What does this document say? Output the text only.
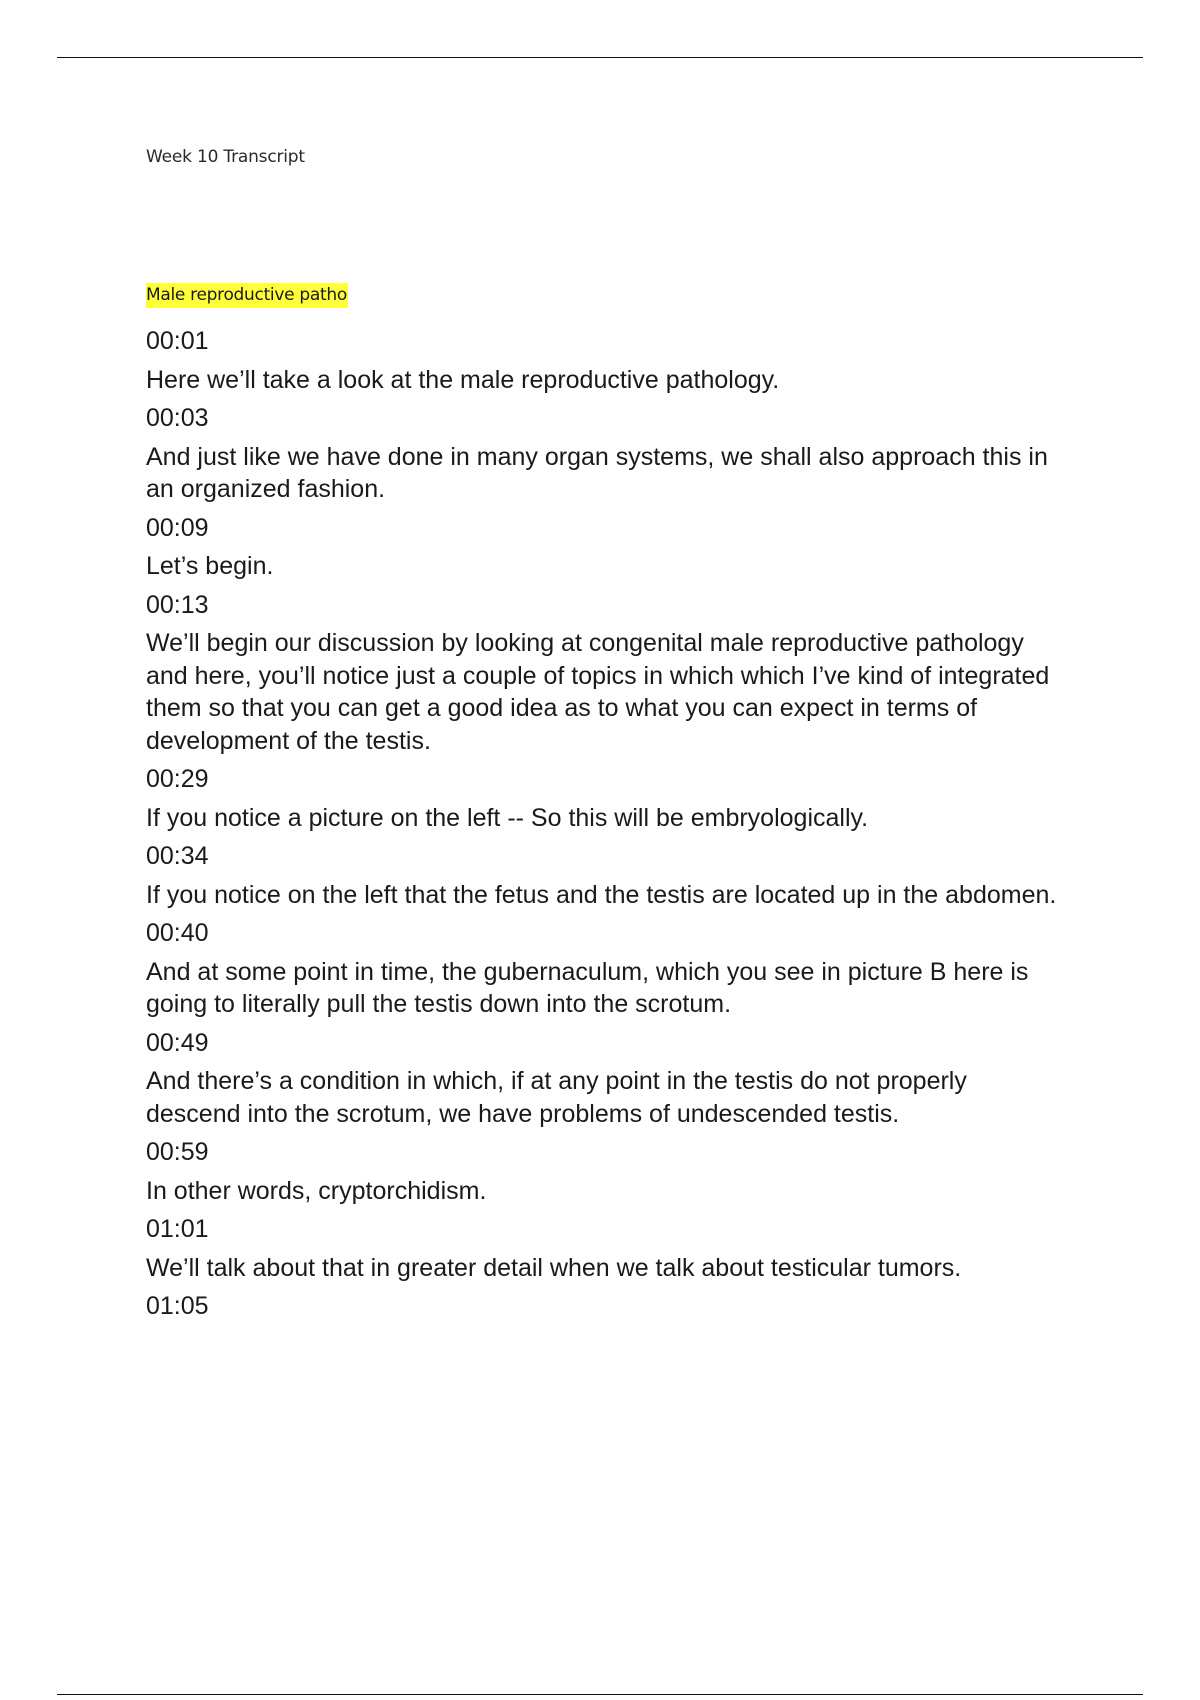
Week 10 Transcript
Male reproductive patho
00:01
Here we’ll take a look at the male reproductive pathology.
00:03
And just like we have done in many organ systems, we shall also approach this in an organized fashion.
00:09
Let’s begin.
00:13
We’ll begin our discussion by looking at congenital male reproductive pathology and here, you’ll notice just a couple of topics in which which I’ve kind of integrated them so that you can get a good idea as to what you can expect in terms of development of the testis.
00:29
If you notice a picture on the left -- So this will be embryologically.
00:34
If you notice on the left that the fetus and the testis are located up in the abdomen.
00:40
And at some point in time, the gubernaculum, which you see in picture B here is going to literally pull the testis down into the scrotum.
00:49
And there’s a condition in which, if at any point in the testis do not properly descend into the scrotum, we have problems of undescended testis.
00:59
In other words, cryptorchidism.
01:01
We’ll talk about that in greater detail when we talk about testicular tumors.
01:05
